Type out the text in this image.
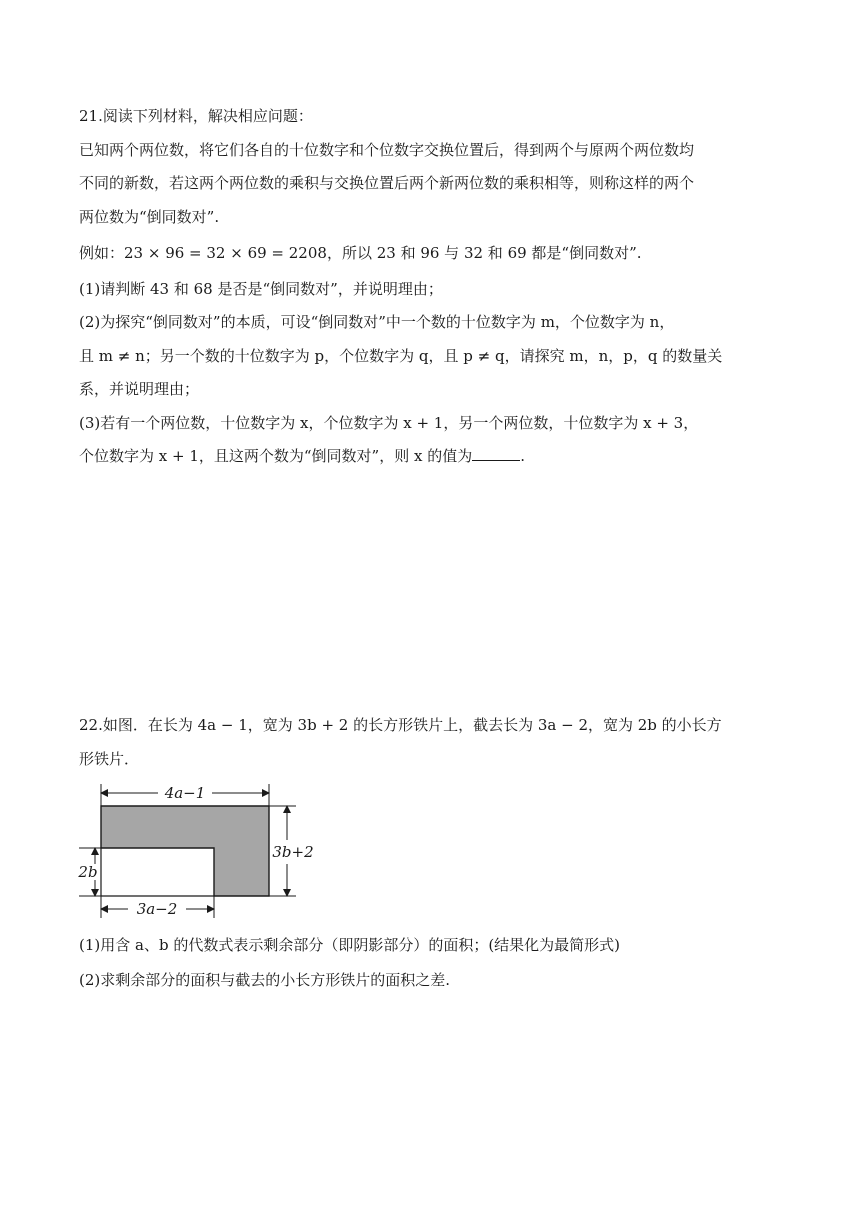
21.阅读下列材料，解决相应问题：
已知两个两位数，将它们各自的十位数字和个位数字交换位置后，得到两个与原两个两位数均
不同的新数，若这两个两位数的乘积与交换位置后两个新两位数的乘积相等，则称这样的两个
两位数为“倒同数对”.
例如：23 × 96 = 32 × 69 = 2208，所以 23 和 96 与 32 和 69 都是“倒同数对”.
(1)请判断 43 和 68 是否是“倒同数对”，并说明理由；
(2)为探究“倒同数对”的本质，可设“倒同数对”中一个数的十位数字为 m，个位数字为 n，
且 m ≠ n；另一个数的十位数字为 p，个位数字为 q，且 p ≠ q，请探究 m，n，p，q 的数量关
系，并说明理由；
(3)若有一个两位数，十位数字为 x，个位数字为 x + 1，另一个两位数，十位数字为 x + 3，
个位数字为 x + 1，且这两个数为“倒同数对”，则 x 的值为	.
22.如图．在长为 4a − 1，宽为 3b + 2 的长方形铁片上，截去长为 3a − 2，宽为 2b 的小长方
形铁片．
4a−1
3b+2
2b
3a−2
(1)用含 a、b 的代数式表示剩余部分（即阴影部分）的面积；(结果化为最简形式)
(2)求剩余部分的面积与截去的小长方形铁片的面积之差.
